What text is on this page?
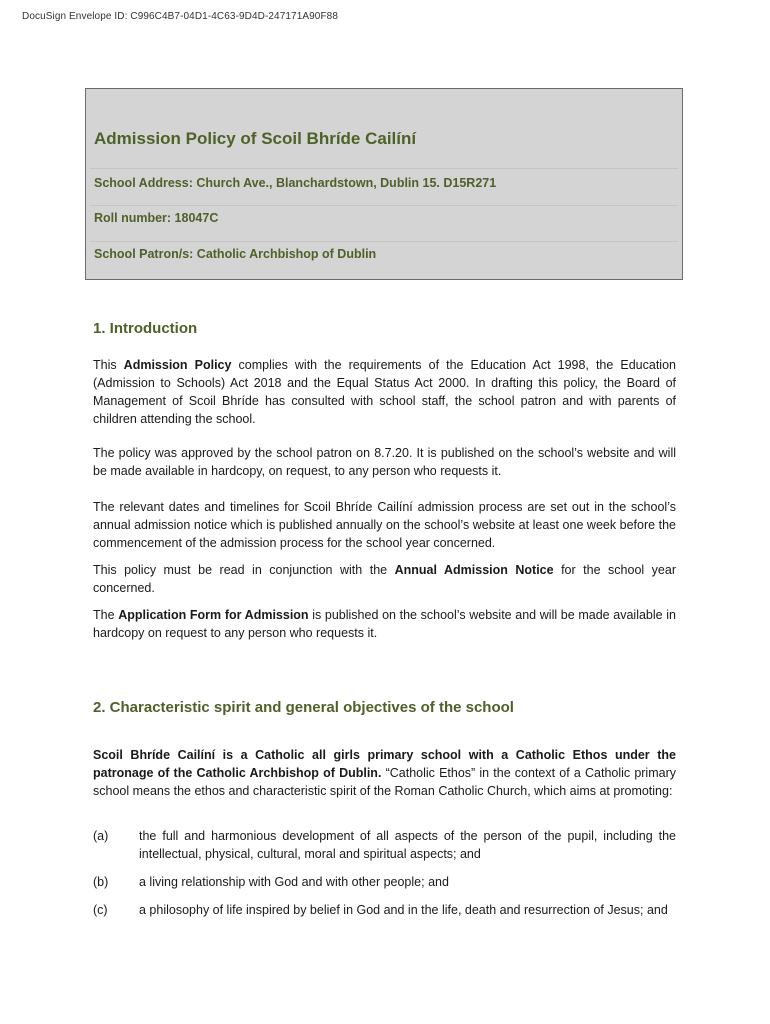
DocuSign Envelope ID: C996C4B7-04D1-4C63-9D4D-247171A90F88
Admission Policy of Scoil Bhríde Cailíní
School Address: Church Ave., Blanchardstown, Dublin 15. D15R271
Roll number: 18047C
School Patron/s: Catholic Archbishop of Dublin
1. Introduction
This Admission Policy complies with the requirements of the Education Act 1998, the Education (Admission to Schools) Act 2018 and the Equal Status Act 2000. In drafting this policy, the Board of Management of Scoil Bhríde has consulted with school staff, the school patron and with parents of children attending the school.
The policy was approved by the school patron on 8.7.20. It is published on the school’s website and will be made available in hardcopy, on request, to any person who requests it.
The relevant dates and timelines for Scoil Bhríde Cailíní admission process are set out in the school’s annual admission notice which is published annually on the school’s website at least one week before the commencement of the admission process for the school year concerned.
This policy must be read in conjunction with the Annual Admission Notice for the school year concerned.
The Application Form for Admission is published on the school’s website and will be made available in hardcopy on request to any person who requests it.
2. Characteristic spirit and general objectives of the school
Scoil Bhríde Cailíní is a Catholic all girls primary school with a Catholic Ethos under the patronage of the Catholic Archbishop of Dublin. “Catholic Ethos” in the context of a Catholic primary school means the ethos and characteristic spirit of the Roman Catholic Church, which aims at promoting:
(a) the full and harmonious development of all aspects of the person of the pupil, including the intellectual, physical, cultural, moral and spiritual aspects; and
(b) a living relationship with God and with other people; and
(c)	a philosophy of life inspired by belief in God and in the life, death and resurrection of Jesus; and
